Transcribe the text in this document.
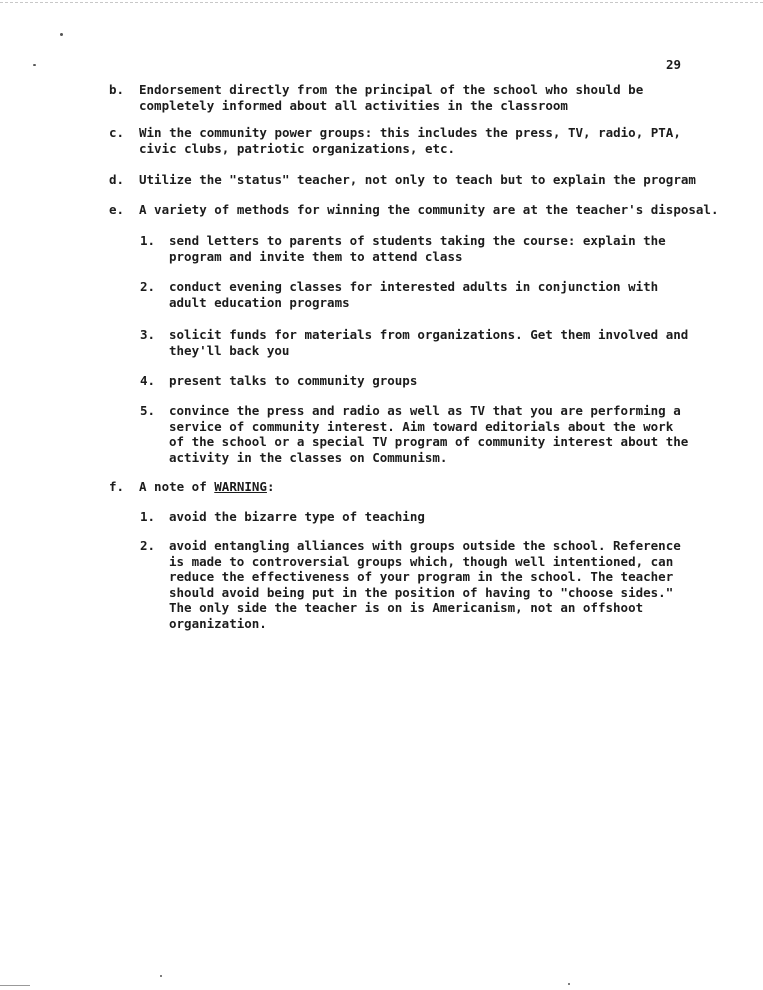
29
b. Endorsement directly from the principal of the school who should be
completely informed about all activities in the classroom
c. Win the community power groups: this includes the press, TV, radio, PTA,
civic clubs, patriotic organizations, etc.
d. Utilize the "status" teacher, not only to teach but to explain the program
e. A variety of methods for winning the community are at the teacher's disposal.
1. send letters to parents of students taking the course: explain the
program and invite them to attend class
2. conduct evening classes for interested adults in conjunction with
adult education programs
3. solicit funds for materials from organizations. Get them involved and
they'll back you
4. present talks to community groups
5. convince the press and radio as well as TV that you are performing a
service of community interest. Aim toward editorials about the work
of the school or a special TV program of community interest about the
activity in the classes on Communism.
f. A note of WARNING:
1. avoid the bizarre type of teaching
2. avoid entangling alliances with groups outside the school. Reference
is made to controversial groups which, though well intentioned, can
reduce the effectiveness of your program in the school. The teacher
should avoid being put in the position of having to "choose sides."
The only side the teacher is on is Americanism, not an offshoot
organization.
